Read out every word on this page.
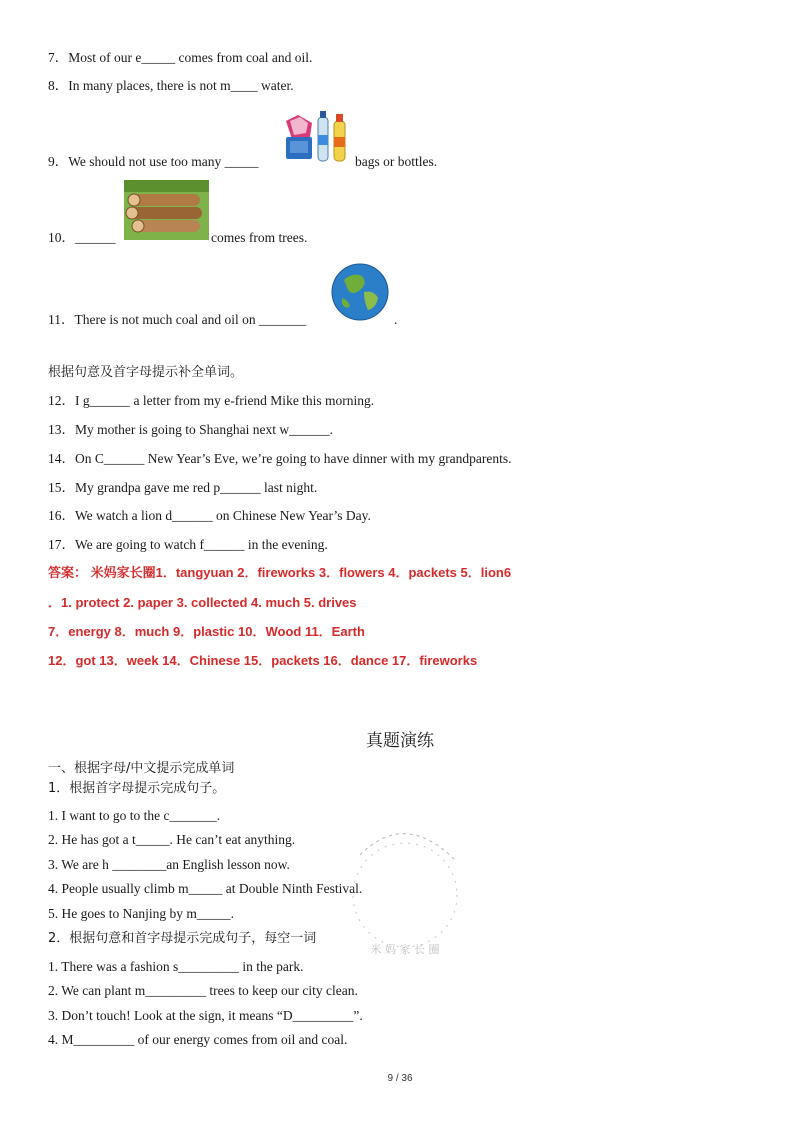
7．Most of our e_____ comes from coal and oil.
8．In many places, there is not m____ water.
9．We should not use too many _____	bags or bottles.
10．______	comes from trees.
11．There is not much coal and oil on _______	.
根据句意及首字母提示补全单词。
12．I g______ a letter from my e-friend Mike this morning.
13．My mother is going to Shanghai next w______.
14．On C______ New Year’s Eve, we’re going to have dinner with my grandparents.
15．My grandpa gave me red p______ last night.
16．We watch a lion d______ on Chinese New Year’s Day.
17．We are going to watch f______ in the evening.
答案： 米妈家长圈1．tangyuan 2．fireworks 3．flowers 4．packets 5．lion6
．1. protect 2. paper 3. collected 4. much 5. drives
7．energy 8．much 9．plastic 10．Wood 11．Earth
12．got 13．week 14．Chinese 15．packets 16．dance 17．fireworks
真题演练
一、根据字母/中文提示完成单词
1．根据首字母提示完成句子。
1. I want to go to the c_______.
2. He has got a t_____. He can’t eat anything.
3. We are h ________an English lesson now.
4. People usually climb m_____ at Double Ninth Festival.
5. He goes to Nanjing by m_____.
2．根据句意和首字母提示完成句子，每空一词
1. There was a fashion s_________ in the park.
2. We can plant m_________ trees to keep our city clean.
3. Don’t touch! Look at the sign, it means “D_________”.
4. M_________ of our energy comes from oil and coal.
米 妈 家 长 圈
9 / 36
